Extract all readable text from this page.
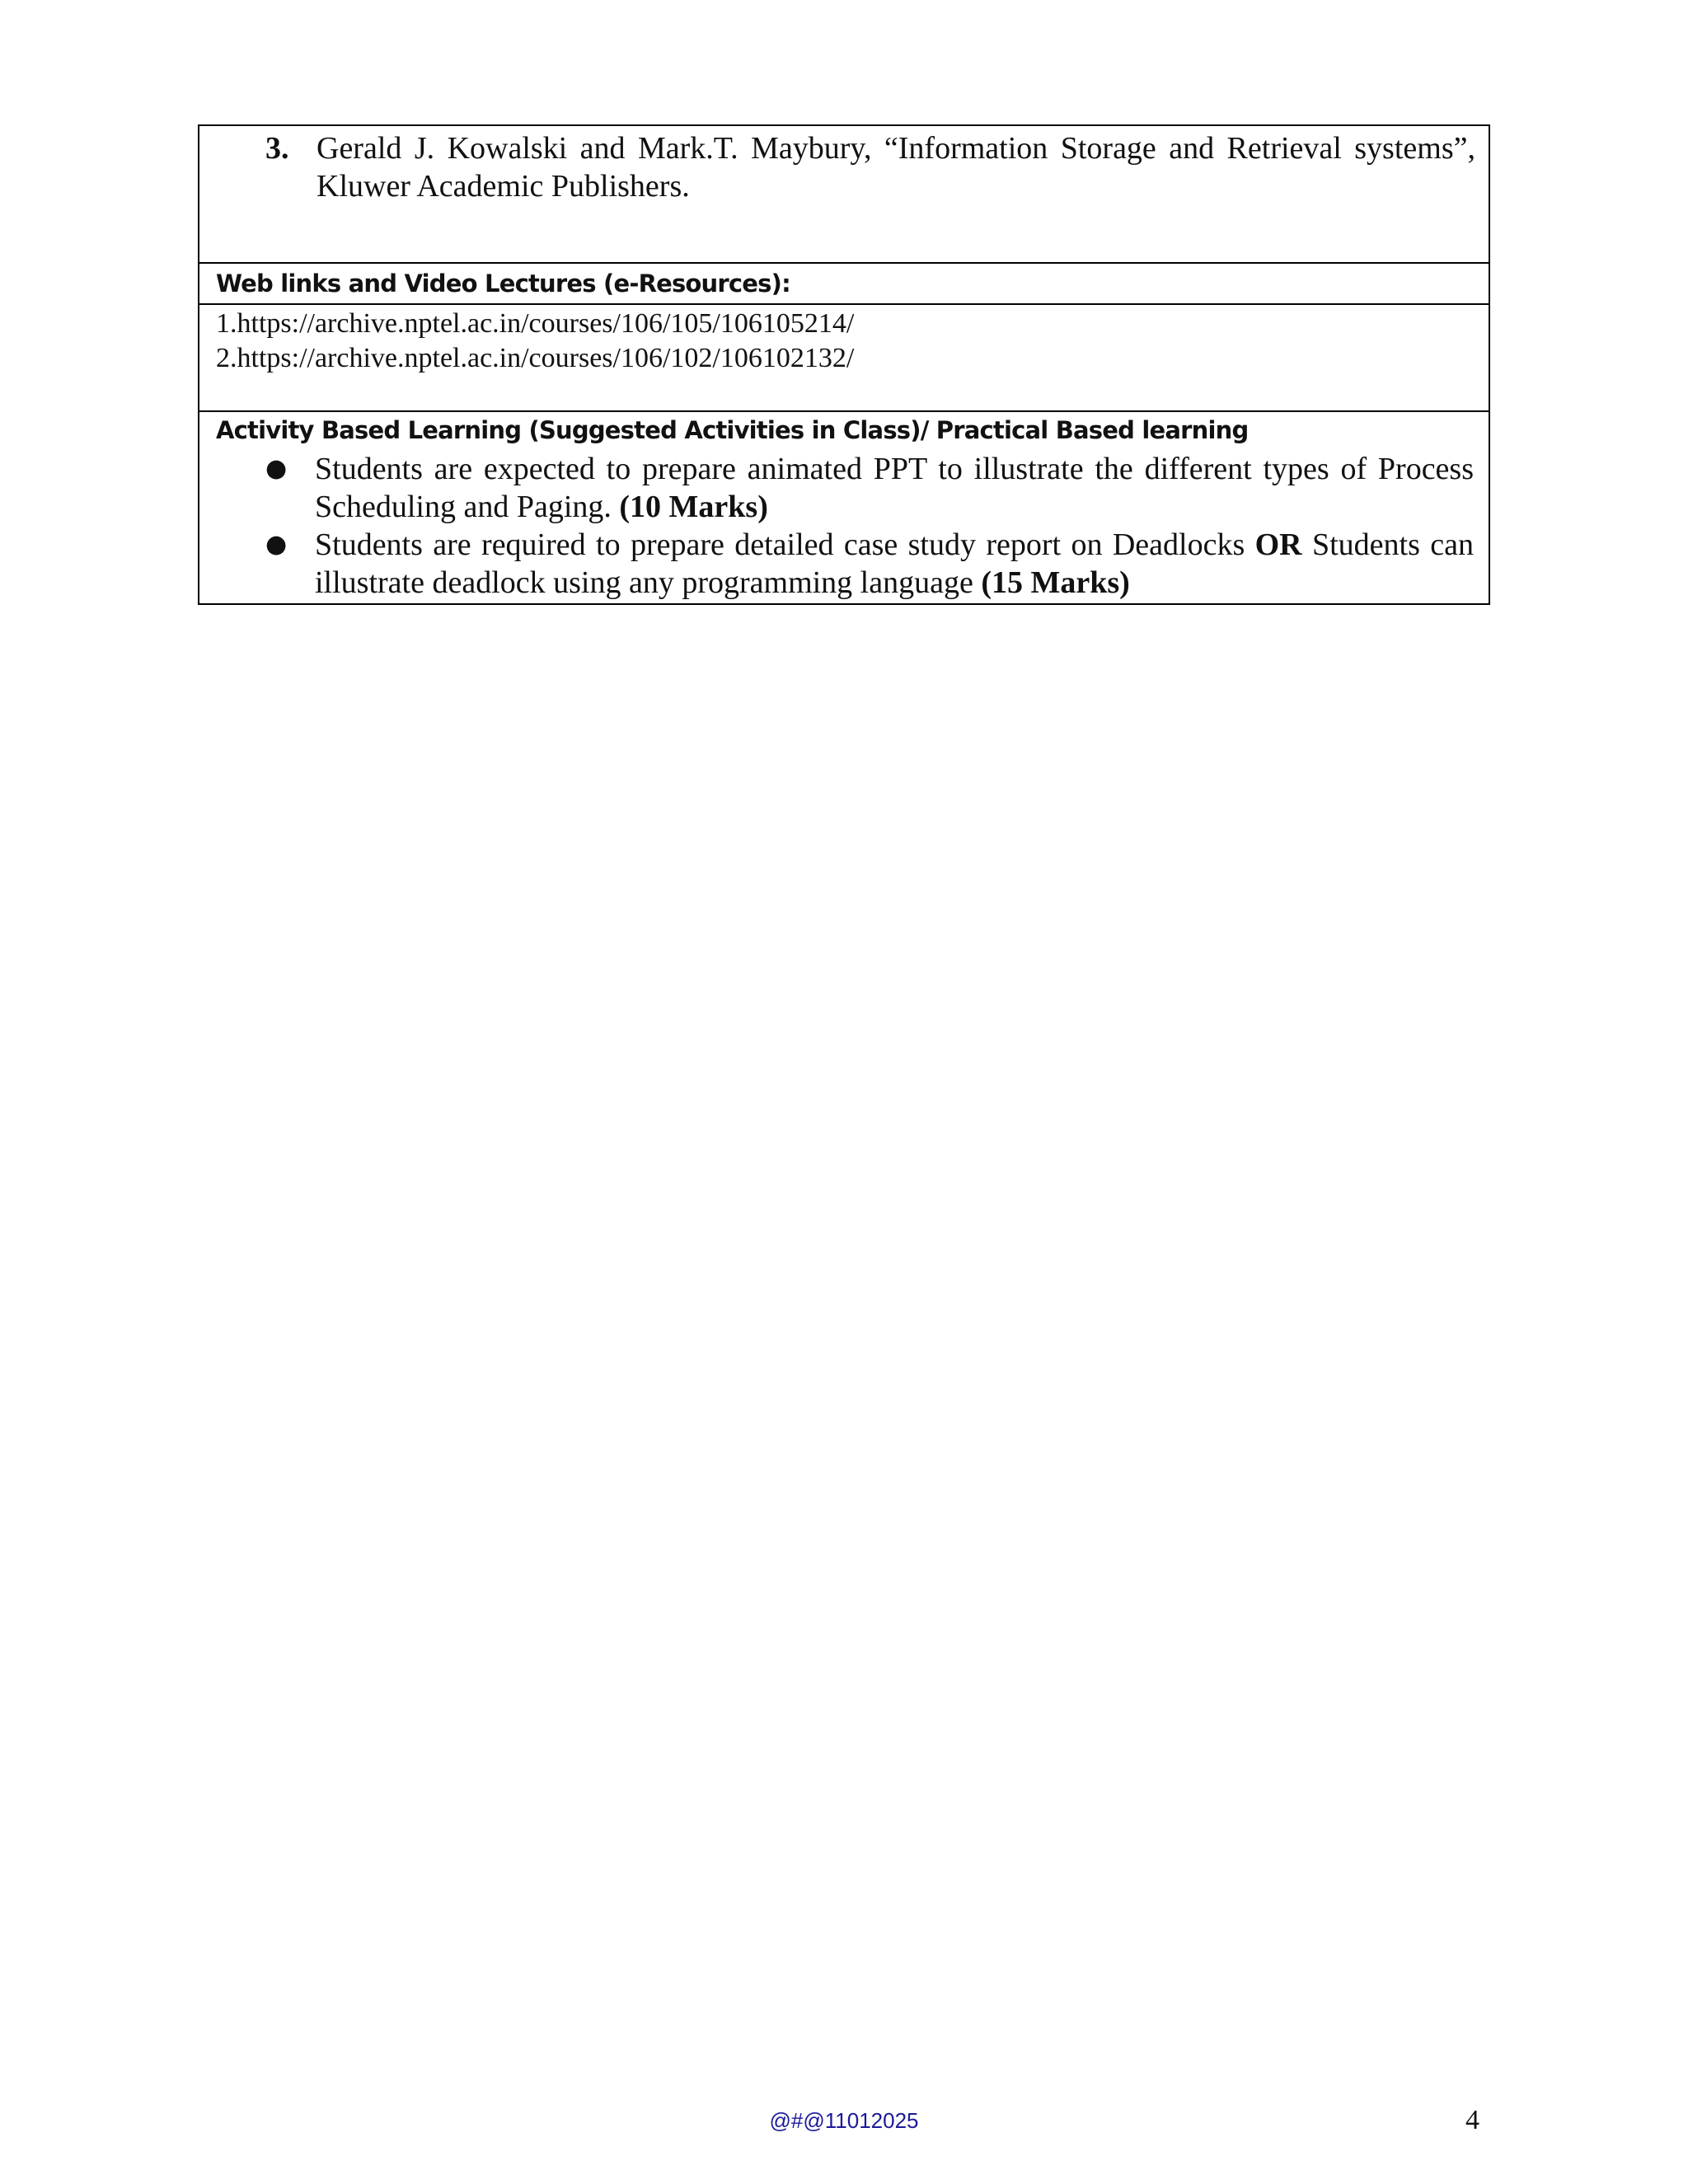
3. Gerald J. Kowalski and Mark.T. Maybury, “Information Storage and Retrieval systems”, Kluwer Academic Publishers.
Web links and Video Lectures (e-Resources):
1.https://archive.nptel.ac.in/courses/106/105/106105214/
2.https://archive.nptel.ac.in/courses/106/102/106102132/
Activity Based Learning (Suggested Activities in Class)/ Practical Based learning
● Students are expected to prepare animated PPT to illustrate the different types of Process Scheduling and Paging. (10 Marks)
● Students are required to prepare detailed case study report on Deadlocks OR Students can illustrate deadlock using any programming language (15 Marks)
@#@11012025	4
